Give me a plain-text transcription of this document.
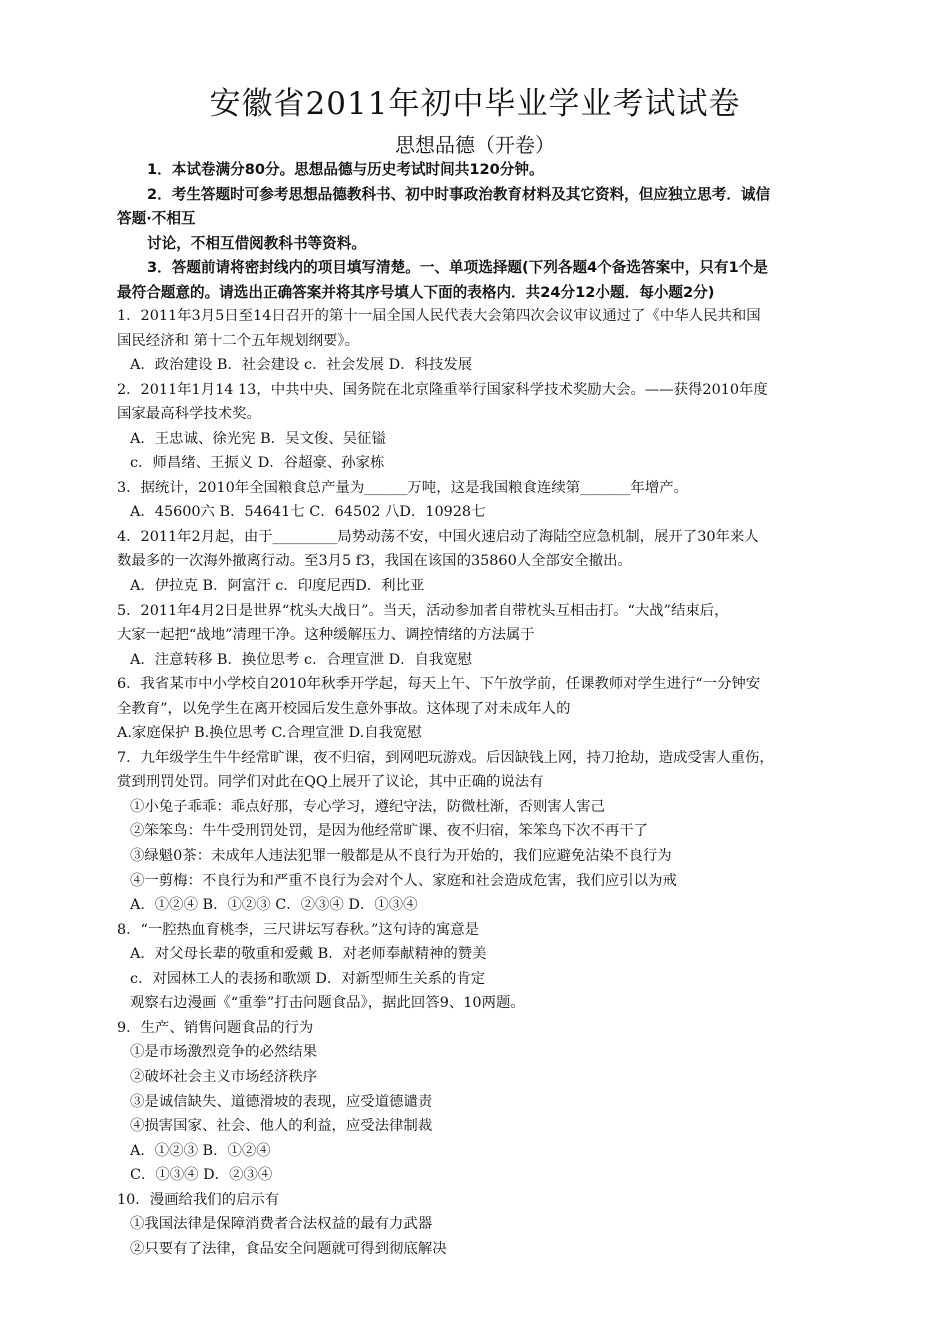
安徽省2011年初中毕业学业考试试卷
思想品德（开卷）

1．本试卷满分80分。思想品德与历史考试时间共120分钟。

2．考生答题时可参考思想品德教科书、初中时事政治教育材料及其它资料，但应独立思考．诚信

答题·不相互

讨论，不相互借阅教科书等资料。

3．答题前请将密封线内的项目填写清楚。一、单项选择题(下列各题4个备选答案中，只有1个是

最符合题意的。请选出正确答案并将其序号填人下面的表格内．共24分12小题．每小题2分)

1．2011年3月5日至14日召开的第十一届全国人民代表大会第四次会议审议通过了《中华人民共和国

国民经济和 第十二个五年规划纲要》。

A．政治建设 B．社会建设 c．社会发展 D．科技发展

2．2011年1月14 13，中共中央、国务院在北京隆重举行国家科学技术奖励大会。——获得2010年度

国家最高科学技术奖。

A．王忠诚、徐光宪 B．吴文俊、吴征镒

c．师昌绪、王振义 D．谷超豪、孙家栋

3．据统计，2010年全国粮食总产量为______万吨，这是我国粮食连续第_______年增产。

A．45600六 B．54641七 C．64502 八D．10928七

4．2011年2月起，由于_________局势动荡不安，中国火速启动了海陆空应急机制，展开了30年来人

数最多的一次海外撤离行动。至3月5 f3，我国在该国的35860人全部安全撤出。

A．伊拉克 B．阿富汗 c．印度尼西D．利比亚

5．2011年4月2日是世界“枕头大战日”。当天，活动参加者自带枕头互相击打。“大战”结束后，

大家一起把“战地”清理干净。这种缓解压力、调控情绪的方法属于

A．注意转移 B．换位思考 c．合理宣泄 D．自我宽慰

6．我省某市中小学校自2010年秋季开学起，每天上午、下午放学前，任课教师对学生进行“一分钟安

全教育”，以免学生在离开校园后发生意外事故。这体现了对未成年人的

A.家庭保护 B.换位思考 C.合理宣泄 D.自我宽慰

7．九年级学生牛牛经常旷课，夜不归宿，到网吧玩游戏。后因缺钱上网，持刀抢劫，造成受害人重伤，

赏到刑罚处罚。同学们对此在QQ上展开了议论，其中正确的说法有

①小兔子乖乖：乖点好那，专心学习，遵纪守法，防微杜渐，否则害人害己

②笨笨鸟：牛牛受刑罚处罚，是因为他经常旷课、夜不归宿，笨笨鸟下次不再干了

③绿魁0茶：未成年人违法犯罪一般都是从不良行为开始的，我们应避免沾染不良行为

④一剪梅：不良行为和严重不良行为会对个人、家庭和社会造成危害，我们应引以为戒

A．①②④ B．①②③ C．②③④ D．①③④

8．“一腔热血育桃李，三尺讲坛写春秋。”这句诗的寓意是

A．对父母长辈的敬重和爱戴 B．对老师奉献精神的赞美

c．对园林工人的表扬和歌颂 D．对新型师生关系的肯定

观察右边漫画《“重拳”打击问题食品》，据此回答9、10两题。

9．生产、销售问题食品的行为

①是市场激烈竞争的必然结果

②破坏社会主义市场经济秩序

③是诚信缺失、道德滑坡的表现，应受道德谴责

④损害国家、社会、他人的利益，应受法律制裁

A．①②③ B．①②④

C．①③④ D．②③④

10．漫画给我们的启示有

①我国法律是保障消费者合法权益的最有力武器

②只要有了法律，食品安全问题就可得到彻底解决
